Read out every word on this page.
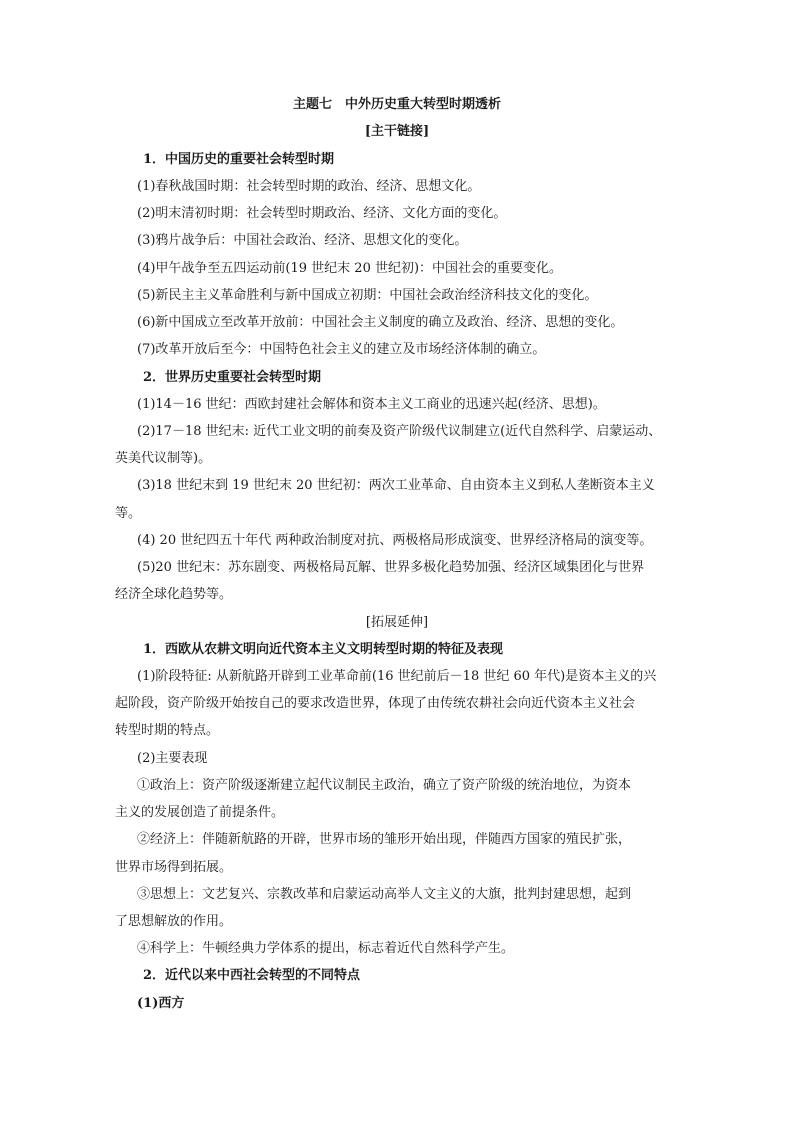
主题七　中外历史重大转型时期透析
[主干链接]
1．中国历史的重要社会转型时期
(1)春秋战国时期：社会转型时期的政治、经济、思想文化。
(2)明末清初时期：社会转型时期政治、经济、文化方面的变化。
(3)鸦片战争后：中国社会政治、经济、思想文化的变化。
(4)甲午战争至五四运动前(19 世纪末 20 世纪初)：中国社会的重要变化。
(5)新民主主义革命胜利与新中国成立初期：中国社会政治经济科技文化的变化。
(6)新中国成立至改革开放前：中国社会主义制度的确立及政治、经济、思想的变化。
(7)改革开放后至今：中国特色社会主义的建立及市场经济体制的确立。
2．世界历史重要社会转型时期
(1)14－16 世纪：西欧封建社会解体和资本主义工商业的迅速兴起(经济、思想)。
(2)17－18 世纪末: 近代工业文明的前奏及资产阶级代议制建立(近代自然科学、启蒙运动、
英美代议制等)。
(3)18 世纪末到 19 世纪末 20 世纪初：两次工业革命、自由资本主义到私人垄断资本主义
等。
(4) 20 世纪四五十年代 两种政治制度对抗、两极格局形成演变、世界经济格局的演变等。
(5)20 世纪末：苏东剧变、两极格局瓦解、世界多极化趋势加强、经济区域集团化与世界
经济全球化趋势等。
[拓展延伸]
1．西欧从农耕文明向近代资本主义文明转型时期的特征及表现
(1)阶段特征: 从新航路开辟到工业革命前(16 世纪前后－18 世纪 60 年代)是资本主义的兴
起阶段，资产阶级开始按自己的要求改造世界，体现了由传统农耕社会向近代资本主义社会
转型时期的特点。
(2)主要表现
①政治上：资产阶级逐渐建立起代议制民主政治，确立了资产阶级的统治地位，为资本
主义的发展创造了前提条件。
②经济上：伴随新航路的开辟，世界市场的雏形开始出现，伴随西方国家的殖民扩张，
世界市场得到拓展。
③思想上：文艺复兴、宗教改革和启蒙运动高举人文主义的大旗，批判封建思想，起到
了思想解放的作用。
④科学上：牛顿经典力学体系的提出，标志着近代自然科学产生。
2．近代以来中西社会转型的不同特点
(1)西方
